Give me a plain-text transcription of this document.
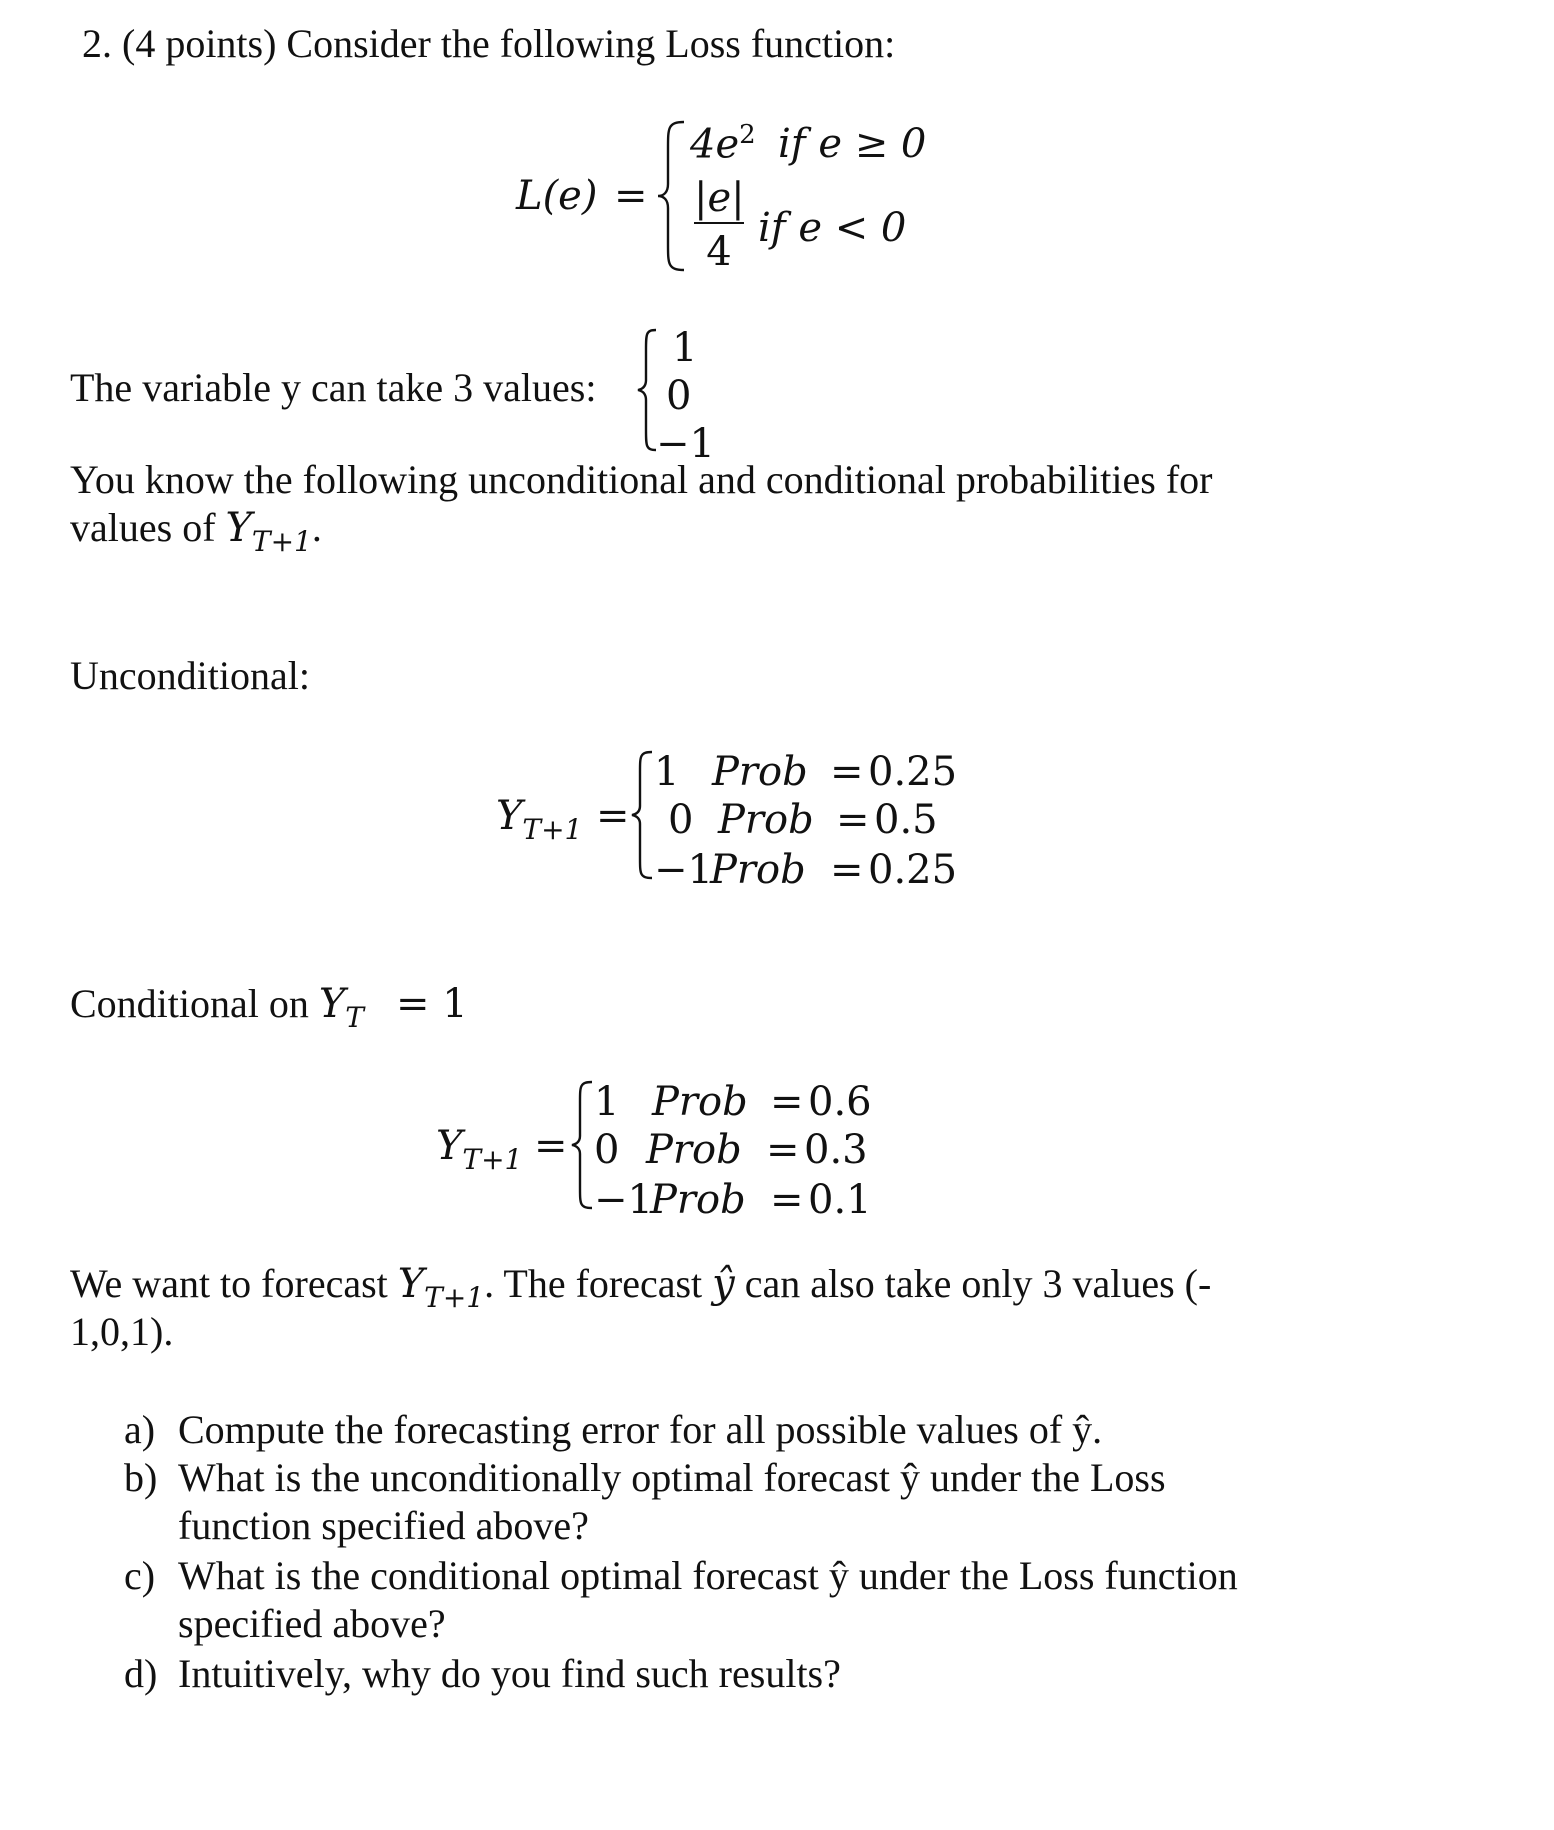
2. (4 points) Consider the following Loss function:
L(e) =
$4e^2$ if e ≥ 0
|e|
4
if e < 0
The variable y can take 3 values:
1
0
−1
You know the following unconditional and conditional probabilities for
values of $Y_{T+1}$.
Unconditional:
$Y_{T+1}$ =
1 Prob = 0.25
0 Prob = 0.5
−1
Prob = 0.25
Conditional on $Y_T = 1$
$Y_{T+1}$ =
1 Prob = 0.6
0 Prob = 0.3
−1
Prob = 0.1
We want to forecast $Y_{T+1}$. The forecast ŷ can also take only 3 values (-
1,0,1).
a) Compute the forecasting error for all possible values of ŷ.
b) What is the unconditionally optimal forecast ŷ under the Loss
function specified above?
c) What is the conditional optimal forecast ŷ under the Loss function
specified above?
d) Intuitively, why do you find such results?
